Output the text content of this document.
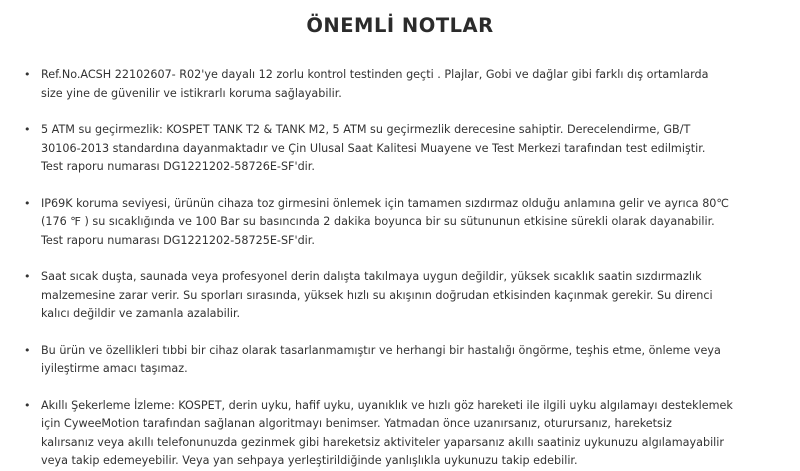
ÖNEMLİ NOTLAR
• Ref.No.ACSH 22102607- R02'ye dayalı 12 zorlu kontrol testinden geçti . Plajlar, Gobi ve dağlar gibi farklı dış ortamlarda
size yine de güvenilir ve istikrarlı koruma sağlayabilir.
• 5 ATM su geçirmezlik: KOSPET TANK T2 & TANK M2, 5 ATM su geçirmezlik derecesine sahiptir. Derecelendirme, GB/T
30106-2013 standardına dayanmaktadır ve Çin Ulusal Saat Kalitesi Muayene ve Test Merkezi tarafından test edilmiştir.
Test raporu numarası DG1221202-58726E-SF'dir.
• IP69K koruma seviyesi, ürünün cihaza toz girmesini önlemek için tamamen sızdırmaz olduğu anlamına gelir ve ayrıca 80℃
(176 ℉ ) su sıcaklığında ve 100 Bar su basıncında 2 dakika boyunca bir su sütununun etkisine sürekli olarak dayanabilir.
Test raporu numarası DG1221202-58725E-SF'dir.
• Saat sıcak duşta, saunada veya profesyonel derin dalışta takılmaya uygun değildir, yüksek sıcaklık saatin sızdırmazlık
malzemesine zarar verir. Su sporları sırasında, yüksek hızlı su akışının doğrudan etkisinden kaçınmak gerekir. Su direnci
kalıcı değildir ve zamanla azalabilir.
• Bu ürün ve özellikleri tıbbi bir cihaz olarak tasarlanmamıştır ve herhangi bir hastalığı öngörme, teşhis etme, önleme veya
iyileştirme amacı taşımaz.
• Akıllı Şekerleme İzleme: KOSPET, derin uyku, hafif uyku, uyanıklık ve hızlı göz hareketi ile ilgili uyku algılamayı desteklemek
için CyweeMotion tarafından sağlanan algoritmayı benimser. Yatmadan önce uzanırsanız, oturursanız, hareketsiz
kalırsanız veya akıllı telefonunuzda gezinmek gibi hareketsiz aktiviteler yaparsanız akıllı saatiniz uykunuzu algılamayabilir
veya takip edemeyebilir. Veya yan sehpaya yerleştirildiğinde yanlışlıkla uykunuzu takip edebilir.
